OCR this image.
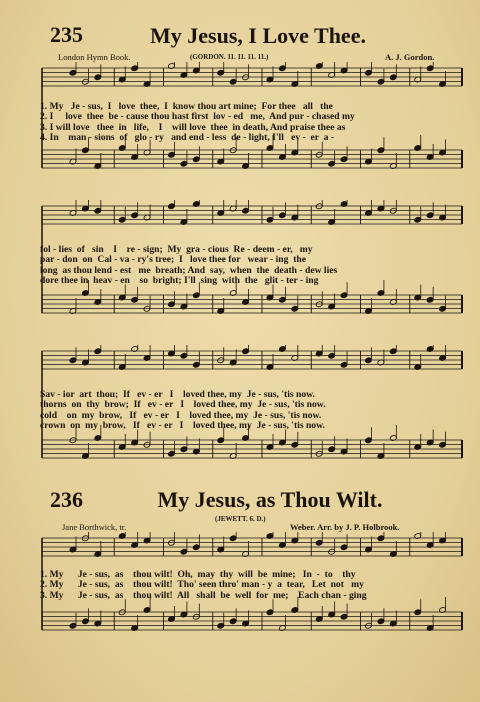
235	My Jesus, I Love Thee.
London Hymn Book.	(GORDON. 11. 11. 11. 11.)	A. J. Gordon.
1. My   Je - sus,  I   love  thee,  I  know thou art mine;  For thee   all   the
2. I     love  thee  be - cause thou hast first  lov - ed   me,  And pur - chased my
3. I will love   thee  in   life,    I    will love  thee  in death, And praise thee as
4. In    man - sions  of   glo - ry   and end - less  de - light, I'll   ev -  er  a -
fol - lies  of   sin    I    re - sign;  My  gra - cious  Re - deem - er,   my
par - don  on  Cal - va - ry's tree;  I   love thee for   wear - ing  the
long  as thou lend - est   me  breath; And  say,  when  the  death - dew lies
dore thee in  heav - en    so  bright; I'll  sing  with  the   glit - ter - ing
Sav - ior  art  thou;  If   ev - er   I    loved thee, my  Je - sus, 'tis now.
thorns  on  thy  brow;  If   ev - er   I    loved thee, my  Je - sus, 'tis now.
cold    on  my  brow,   If   ev - er   I    loved thee, my  Je - sus, 'tis now.
crown  on  my  brow,   If   ev - er   I    loved thee, my  Je - sus, 'tis now.
236	My Jesus, as Thou Wilt.
(JEWETT. 6. D.)
Jane Borthwick, tr.	Weber. Arr. by J. P. Holbrook.
1. My      Je - sus,  as    thou wilt!  Oh,  may  thy  will  be  mine;   In  -  to    thy
2. My      Je - sus,  as    thou wilt!  Tho' seen thro' man - y  a  tear,   Let  not   my
3. My      Je - sus,  as    thou wilt!  All   shall  be  well  for  me;    Each chan - ging
